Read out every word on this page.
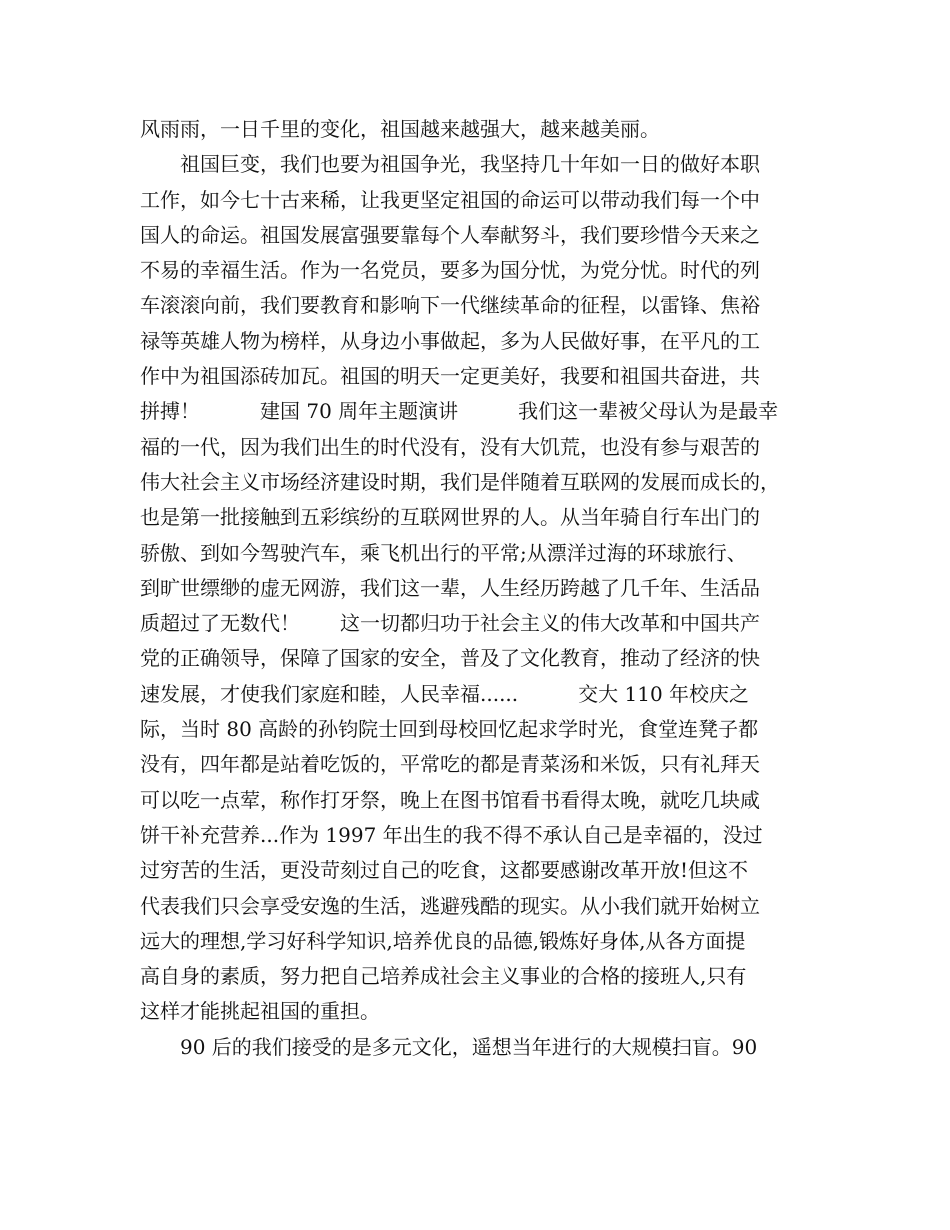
风雨雨，一日千里的变化，祖国越来越强大，越来越美丽。
　　祖国巨变，我们也要为祖国争光，我坚持几十年如一日的做好本职
工作，如今七十古来稀，让我更坚定祖国的命运可以带动我们每一个中
国人的命运。祖国发展富强要靠每个人奉献努斗，我们要珍惜今天来之
不易的幸福生活。作为一名党员，要多为国分忧，为党分忧。时代的列
车滚滚向前，我们要教育和影响下一代继续革命的征程，以雷锋、焦裕
禄等英雄人物为榜样，从身边小事做起，多为人民做好事，在平凡的工
作中为祖国添砖加瓦。祖国的明天一定更美好，我要和祖国共奋进，共
拼搏！　　　建国 70 周年主题演讲　　　我们这一辈被父母认为是最幸
福的一代，因为我们出生的时代没有，没有大饥荒，也没有参与艰苦的
伟大社会主义市场经济建设时期，我们是伴随着互联网的发展而成长的，
也是第一批接触到五彩缤纷的互联网世界的人。从当年骑自行车出门的
骄傲、到如今驾驶汽车，乘飞机出行的平常;从漂洋过海的环球旅行、
到旷世缥缈的虚无网游，我们这一辈，人生经历跨越了几千年、生活品
质超过了无数代！　　这一切都归功于社会主义的伟大改革和中国共产
党的正确领导，保障了国家的安全，普及了文化教育，推动了经济的快
速发展，才使我们家庭和睦，人民幸福......　　　交大 110 年校庆之
际，当时 80 高龄的孙钧院士回到母校回忆起求学时光，食堂连凳子都
没有，四年都是站着吃饭的，平常吃的都是青菜汤和米饭，只有礼拜天
可以吃一点荤，称作打牙祭，晚上在图书馆看书看得太晚，就吃几块咸
饼干补充营养...作为 1997 年出生的我不得不承认自己是幸福的，没过
过穷苦的生活，更没苛刻过自己的吃食，这都要感谢改革开放!但这不
代表我们只会享受安逸的生活，逃避残酷的现实。从小我们就开始树立
远大的理想,学习好科学知识,培养优良的品德,锻炼好身体,从各方面提
高自身的素质，努力把自己培养成社会主义事业的合格的接班人,只有
这样才能挑起祖国的重担。
　　90 后的我们接受的是多元文化，遥想当年进行的大规模扫盲。90
